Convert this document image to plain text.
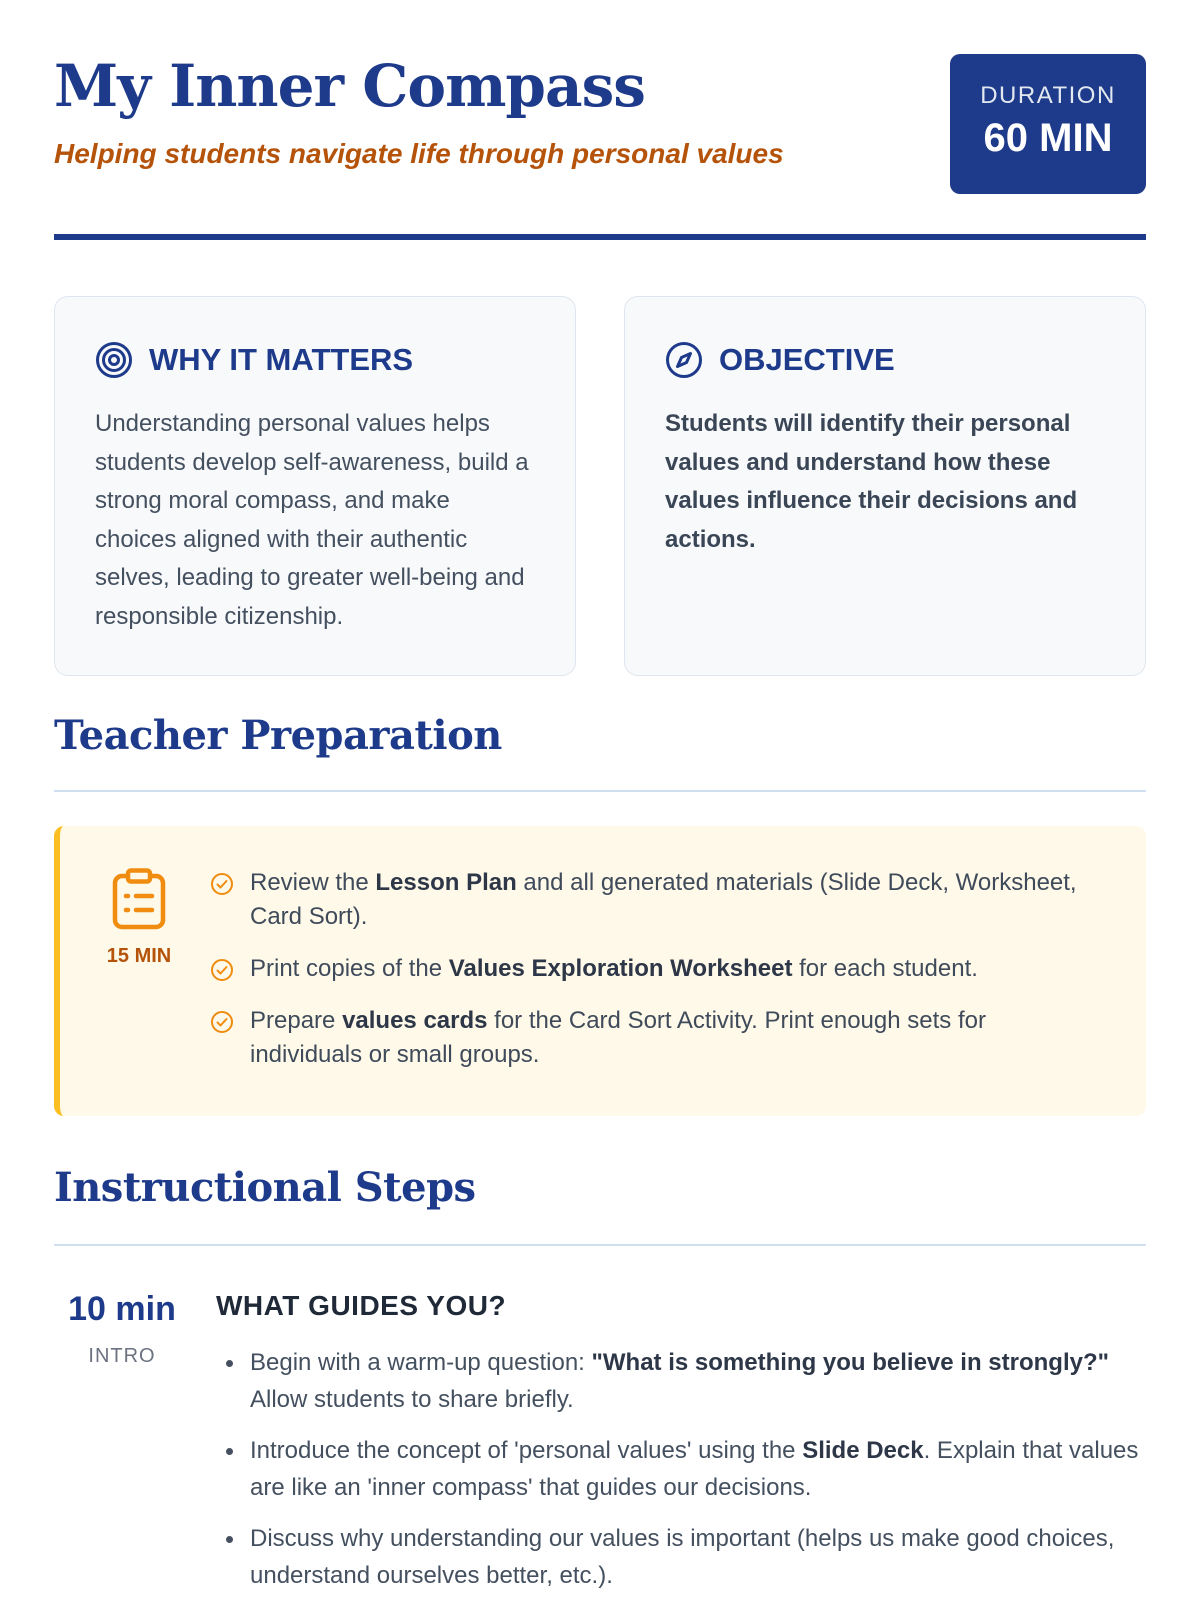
My Inner Compass
Helping students navigate life through personal values
DURATION
60 MIN
WHY IT MATTERS

Understanding personal values helps students develop self-awareness, build a strong moral compass, and make choices aligned with their authentic selves, leading to greater well-being and responsible citizenship.

OBJECTIVE

Students will identify their personal values and understand how these values influence their decisions and actions.

Teacher Preparation
15 MIN
Review the Lesson Plan and all generated materials (Slide Deck, Worksheet, Card Sort).
Print copies of the Values Exploration Worksheet for each student.
Prepare values cards for the Card Sort Activity. Print enough sets for individuals or small groups.
Instructional Steps
10 min
INTRO
WHAT GUIDES YOU?
Begin with a warm-up question: "What is something you believe in strongly?" Allow students to share briefly.
Introduce the concept of 'personal values' using the Slide Deck. Explain that values are like an 'inner compass' that guides our decisions.
Discuss why understanding our values is important (helps us make good choices, understand ourselves better, etc.).
